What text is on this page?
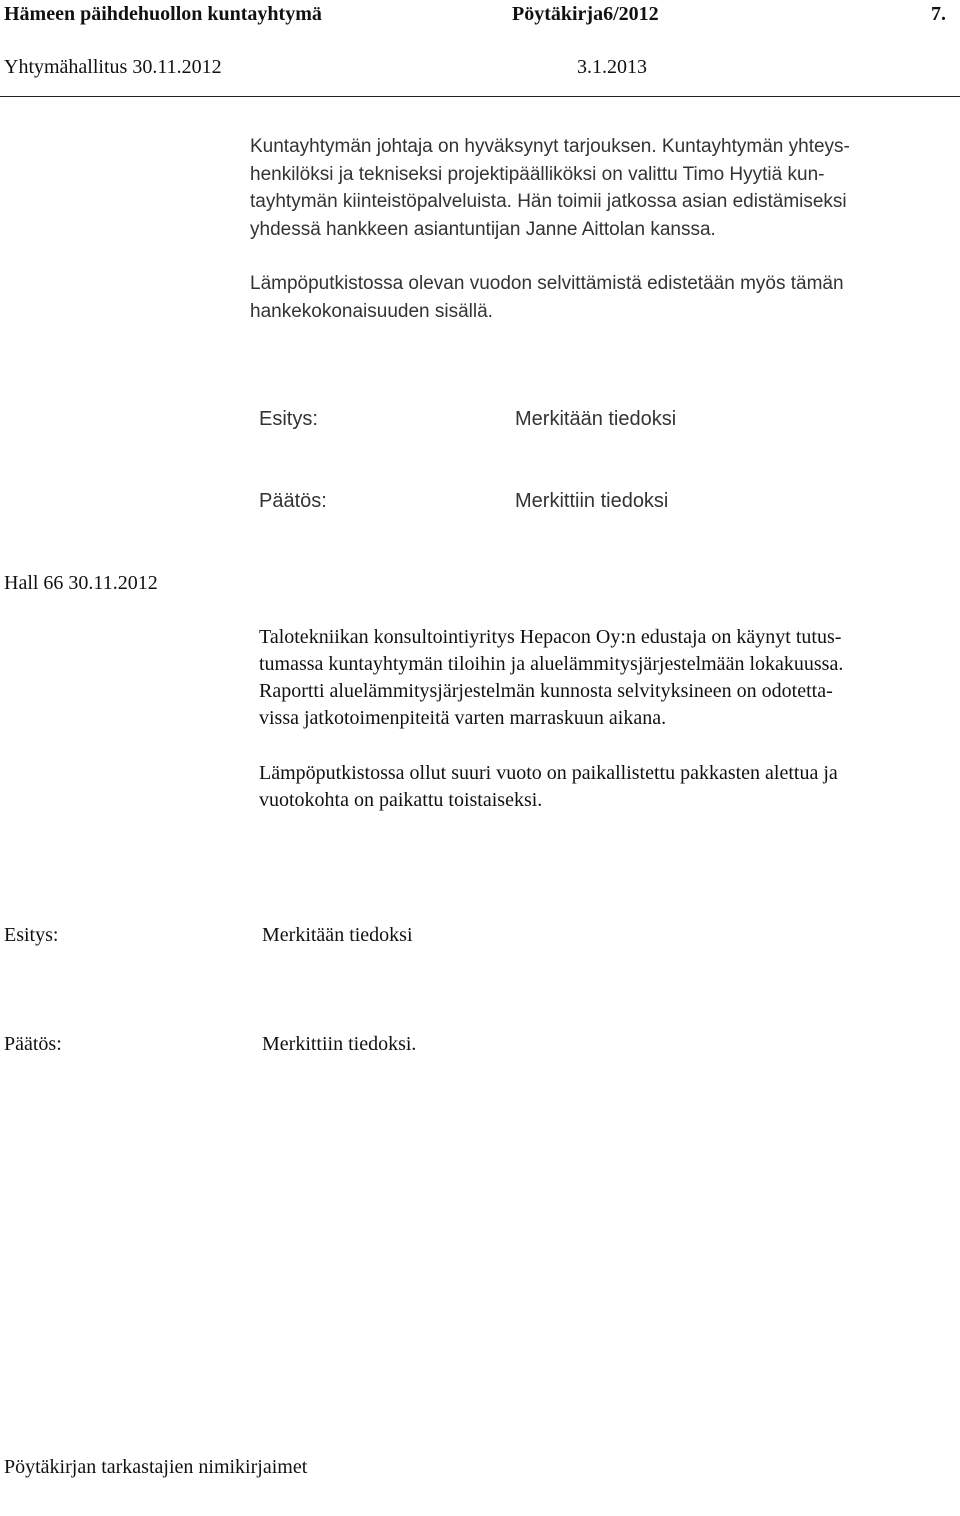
Hämeen päihdehuollon kuntayhtymä	Pöytäkirja6/2012	7.
Yhtymähallitus 30.11.2012	3.1.2013
Kuntayhtymän johtaja on hyväksynyt tarjouksen. Kuntayhtymän yhteys-
henkilöksi ja tekniseksi projektipäälliköksi on valittu Timo Hyytiä kun-
tayhtymän kiinteistöpalveluista. Hän toimii jatkossa asian edistämiseksi
yhdessä hankkeen asiantuntijan Janne Aittolan kanssa.
Lämpöputkistossa olevan vuodon selvittämistä edistetään myös tämän
hankekokonaisuuden sisällä.
Esitys:	Merkitään tiedoksi
Päätös:	Merkittiin tiedoksi
Hall 66 30.11.2012
Talotekniikan konsultointiyritys Hepacon Oy:n edustaja on käynyt tutus-
tumassa kuntayhtymän tiloihin ja aluelämmitysjärjestelmään lokakuussa.
Raportti aluelämmitysjärjestelmän kunnosta selvityksineen on odotetta-
vissa jatkotoimenpiteitä varten marraskuun aikana.
Lämpöputkistossa ollut suuri vuoto on paikallistettu pakkasten alettua ja
vuotokohta on paikattu toistaiseksi.
Esitys:	Merkitään tiedoksi
Päätös:	Merkittiin tiedoksi.
Pöytäkirjan tarkastajien nimikirjaimet
